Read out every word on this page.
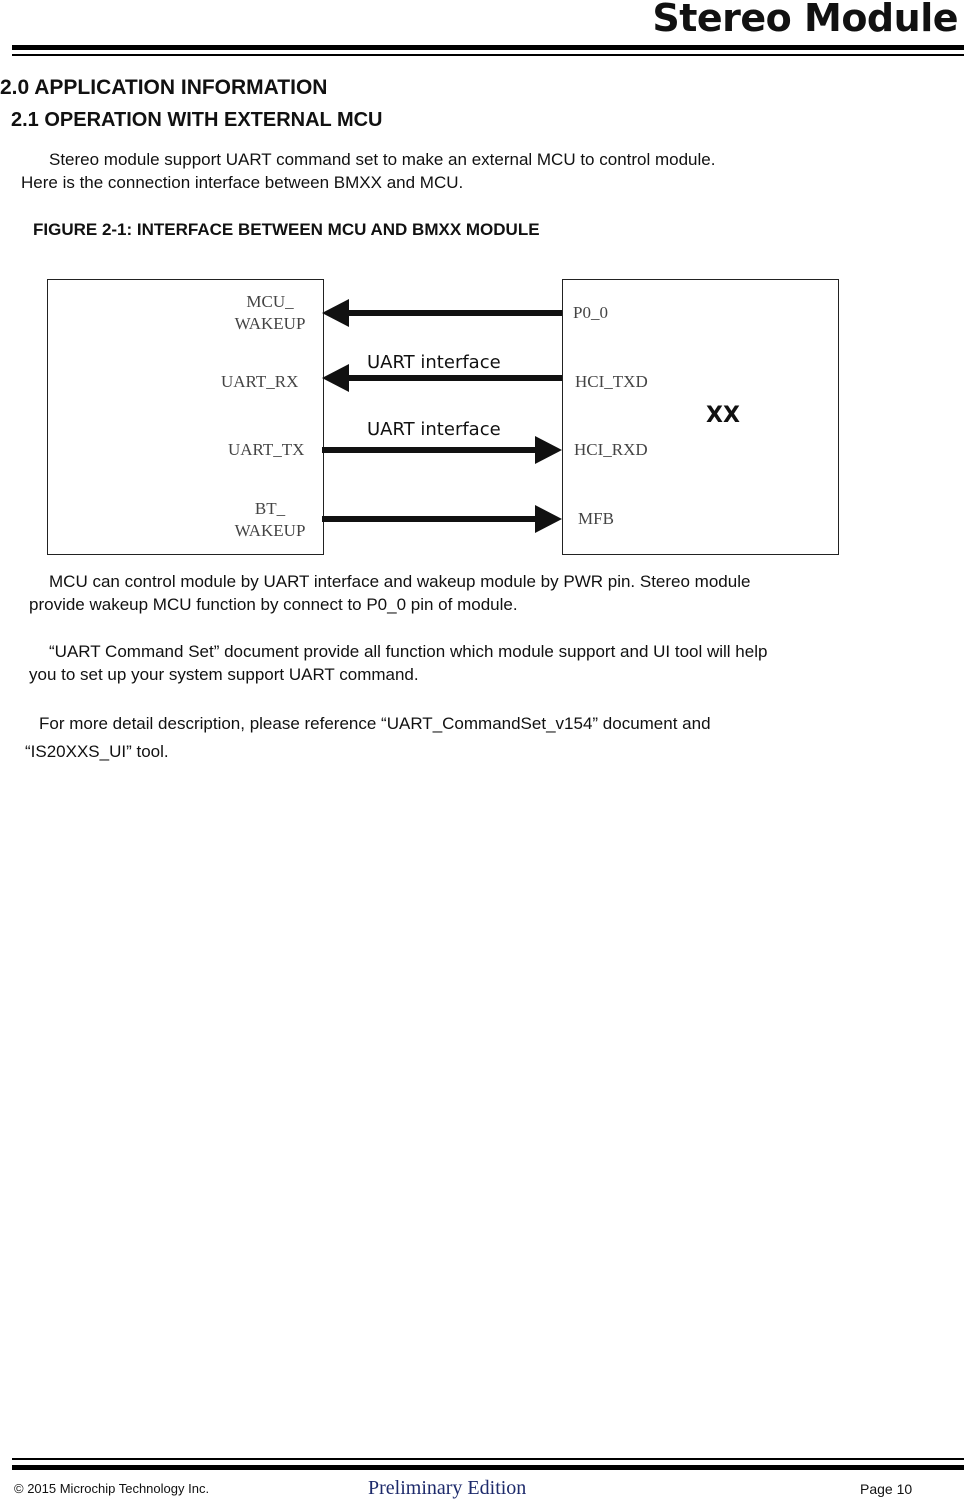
Stereo Module
2.0 APPLICATION INFORMATION
2.1 OPERATION WITH EXTERNAL MCU
Stereo module support UART command set to make an external MCU to control module.
Here is the connection interface between BMXX and MCU.
FIGURE 2-1: INTERFACE BETWEEN MCU AND BMXX MODULE
MCU_
WAKEUP
UART_RX
UART_TX
BT_
WAKEUP
P0_0
HCI_TXD
HCI_RXD
MFB
XX
UART interface
UART interface
MCU can control module by UART interface and wakeup module by PWR pin. Stereo module
provide wakeup MCU function by connect to P0_0 pin of module.
“UART Command Set” document provide all function which module support and UI tool will help
you to set up your system support UART command.
For more detail description, please reference “UART_CommandSet_v154” document and
“IS20XXS_UI” tool.
© 2015 Microchip Technology Inc.	Preliminary Edition	Page 10
